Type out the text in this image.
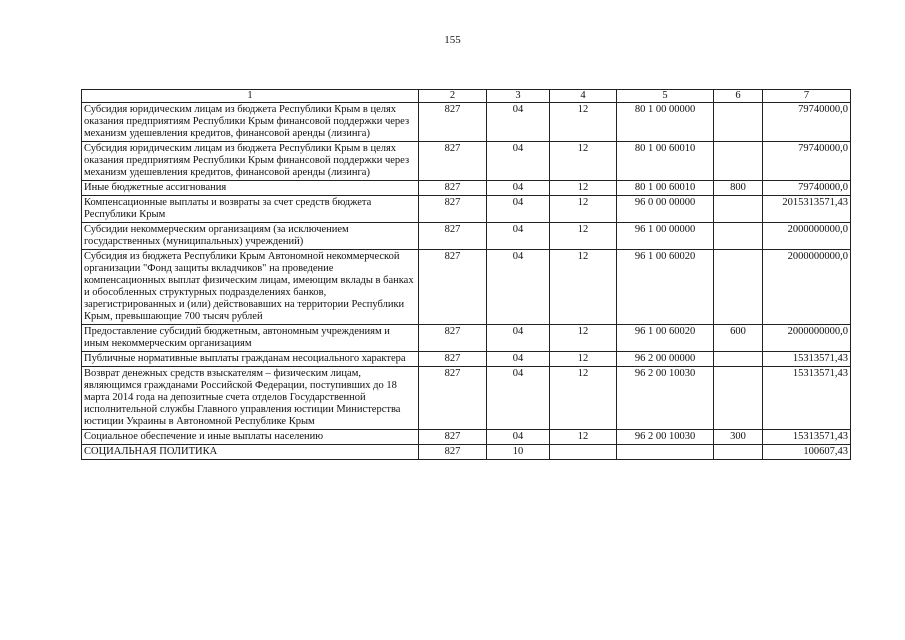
155
1	2	3	4	5	6	7
Субсидия юридическим лицам из бюджета Республики Крым в целях оказания предприятиям Республики Крым финансовой поддержки через механизм удешевления кредитов, финансовой аренды (лизинга)	827	04	12	80 1 00 00000		79740000,0
Субсидия юридическим лицам из бюджета Республики Крым в целях оказания предприятиям Республики Крым финансовой поддержки через механизм удешевления кредитов, финансовой аренды (лизинга)	827	04	12	80 1 00 60010		79740000,0
Иные бюджетные ассигнования	827	04	12	80 1 00 60010	800	79740000,0
Компенсационные выплаты и возвраты за счет средств бюджета Республики Крым	827	04	12	96 0 00 00000		2015313571,43
Субсидии некоммерческим организациям (за исключением государственных (муниципальных) учреждений)	827	04	12	96 1 00 00000		2000000000,0
Субсидия из бюджета Республики Крым Автономной некоммерческой организации "Фонд защиты вкладчиков" на проведение компенсационных выплат физическим лицам, имеющим вклады в банках и обособленных структурных подразделениях банков, зарегистрированных и (или) действовавших на территории Республики Крым, превышающие 700 тысяч рублей	827	04	12	96 1 00 60020		2000000000,0
Предоставление субсидий бюджетным, автономным учреждениям и иным некоммерческим организациям	827	04	12	96 1 00 60020	600	2000000000,0
Публичные нормативные выплаты гражданам несоциального характера	827	04	12	96 2 00 00000		15313571,43
Возврат денежных средств взыскателям – физическим лицам, являющимся гражданами Российской Федерации, поступивших до 18 марта 2014 года на депозитные счета отделов Государственной исполнительной службы Главного управления юстиции Министерства юстиции Украины в Автономной Республике Крым	827	04	12	96 2 00 10030		15313571,43
Социальное обеспечение и иные выплаты населению	827	04	12	96 2 00 10030	300	15313571,43
СОЦИАЛЬНАЯ ПОЛИТИКА	827	10				100607,43
